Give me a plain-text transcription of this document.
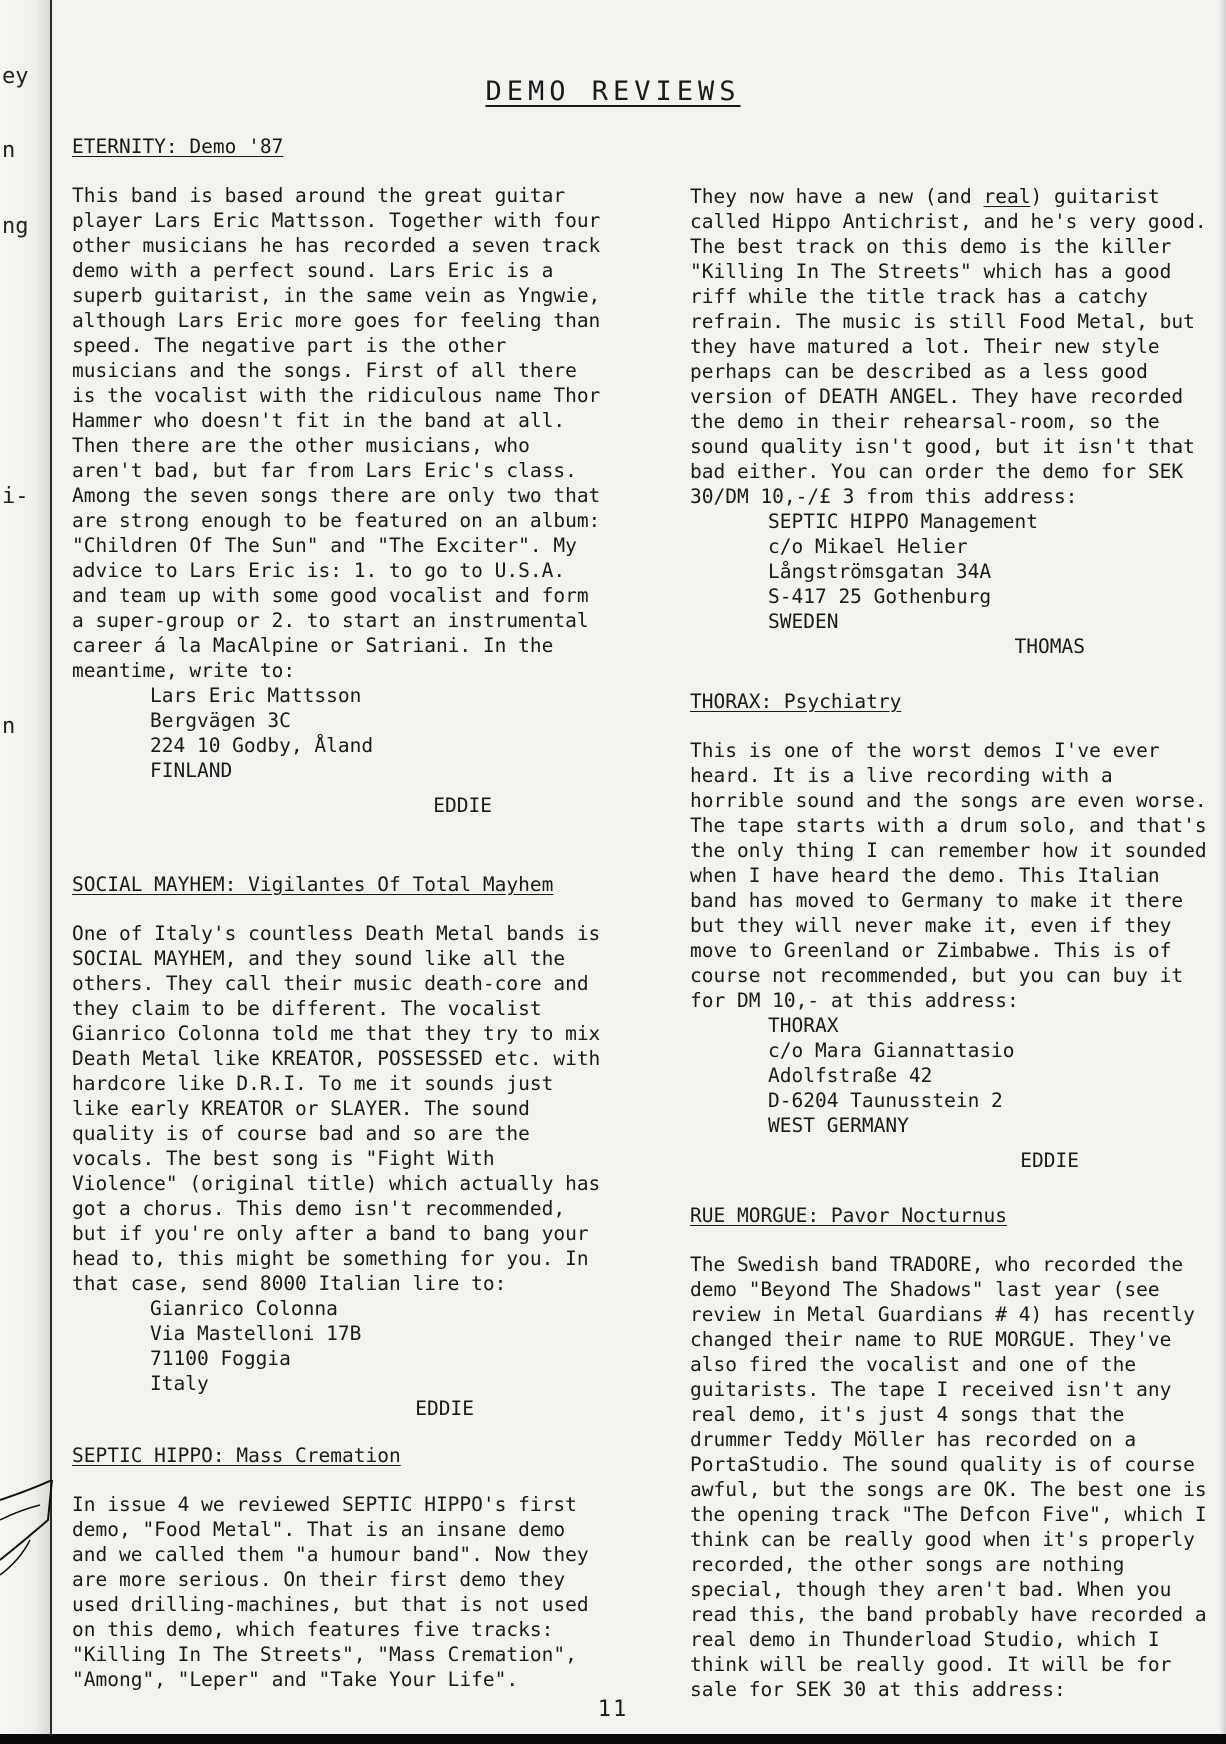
ey
n
ng
i-
n
DEMO REVIEWS

ETERNITY: Demo '87

This band is based around the great guitar player Lars Eric Mattsson. Together with four other musicians he has recorded a seven track demo with a perfect sound. Lars Eric is a superb guitarist, in the same vein as Yngwie, although Lars Eric more goes for feeling than speed. The negative part is the other musicians and the songs. First of all there is the vocalist with the ridiculous name Thor Hammer who doesn't fit in the band at all. Then there are the other musicians, who aren't bad, but far from Lars Eric's class. Among the seven songs there are only two that are strong enough to be featured on an album: "Children Of The Sun" and "The Exciter". My advice to Lars Eric is: 1. to go to U.S.A. and team up with some good vocalist and form a super-group or 2. to start an instrumental career á la MacAlpine or Satriani. In the meantime, write to:

Lars Eric Mattsson
Bergvägen 3C
224 10 Godby, Åland
FINLAND

EDDIE

SOCIAL MAYHEM: Vigilantes Of Total Mayhem

One of Italy's countless Death Metal bands is SOCIAL MAYHEM, and they sound like all the others. They call their music death-core and they claim to be different. The vocalist Gianrico Colonna told me that they try to mix Death Metal like KREATOR, POSSESSED etc. with hardcore like D.R.I. To me it sounds just like early KREATOR or SLAYER. The sound quality is of course bad and so are the vocals. The best song is "Fight With Violence" (original title) which actually has got a chorus. This demo isn't recommended, but if you're only after a band to bang your head to, this might be something for you. In that case, send 8000 Italian lire to:

Gianrico Colonna
Via Mastelloni 17B
71100 Foggia
Italy

EDDIE

SEPTIC HIPPO: Mass Cremation

In issue 4 we reviewed SEPTIC HIPPO's first demo, "Food Metal". That is an insane demo and we called them "a humour band". Now they are more serious. On their first demo they used drilling-machines, but that is not used on this demo, which features five tracks: "Killing In The Streets", "Mass Cremation", "Among", "Leper" and "Take Your Life".

They now have a new (and real) guitarist called Hippo Antichrist, and he's very good. The best track on this demo is the killer "Killing In The Streets" which has a good riff while the title track has a catchy refrain. The music is still Food Metal, but they have matured a lot. Their new style perhaps can be described as a less good version of DEATH ANGEL. They have recorded the demo in their rehearsal-room, so the sound quality isn't good, but it isn't that bad either. You can order the demo for SEK 30/DM 10,-/£ 3 from this address:

SEPTIC HIPPO Management
c/o Mikael Helier
Långströmsgatan 34A
S-417 25 Gothenburg
SWEDEN

THOMAS

THORAX: Psychiatry

This is one of the worst demos I've ever heard. It is a live recording with a horrible sound and the songs are even worse. The tape starts with a drum solo, and that's the only thing I can remember how it sounded when I have heard the demo. This Italian band has moved to Germany to make it there but they will never make it, even if they move to Greenland or Zimbabwe. This is of course not recommended, but you can buy it for DM 10,- at this address:

THORAX
c/o Mara Giannattasio
Adolfstraße 42
D-6204 Taunusstein 2
WEST GERMANY

EDDIE

RUE MORGUE: Pavor Nocturnus

The Swedish band TRADORE, who recorded the demo "Beyond The Shadows" last year (see review in Metal Guardians # 4) has recently changed their name to RUE MORGUE. They've also fired the vocalist and one of the guitarists. The tape I received isn't any real demo, it's just 4 songs that the drummer Teddy Möller has recorded on a PortaStudio. The sound quality is of course awful, but the songs are OK. The best one is the opening track "The Defcon Five", which I think can be really good when it's properly recorded, the other songs are nothing special, though they aren't bad. When you read this, the band probably have recorded a real demo in Thunderload Studio, which I think will be really good. It will be for sale for SEK 30 at this address:

11
